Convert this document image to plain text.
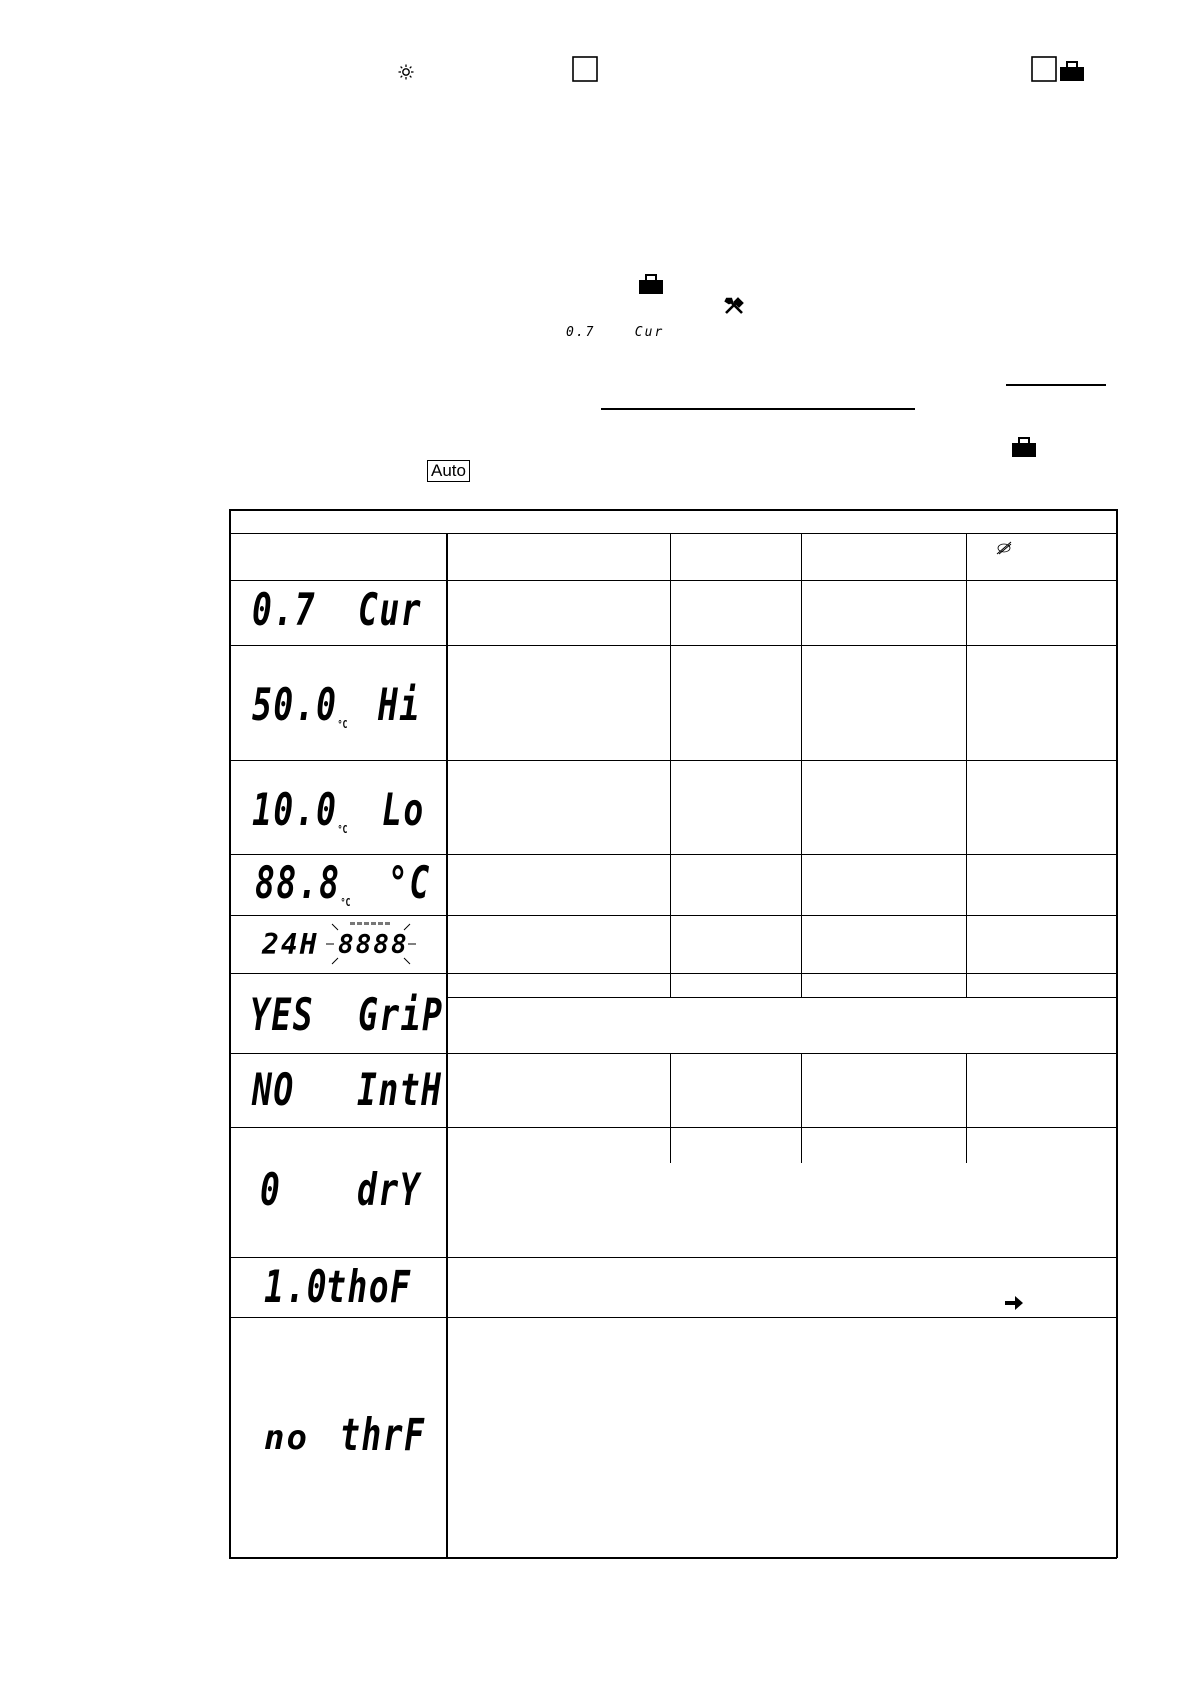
0.7	Cur
Auto
0.7 Cur
50.0°C Hi
10.0°C Lo
88.8°C °C
24H 8888
YES GriP
NO IntH
0 drY
1.0
thoF
no thrF
